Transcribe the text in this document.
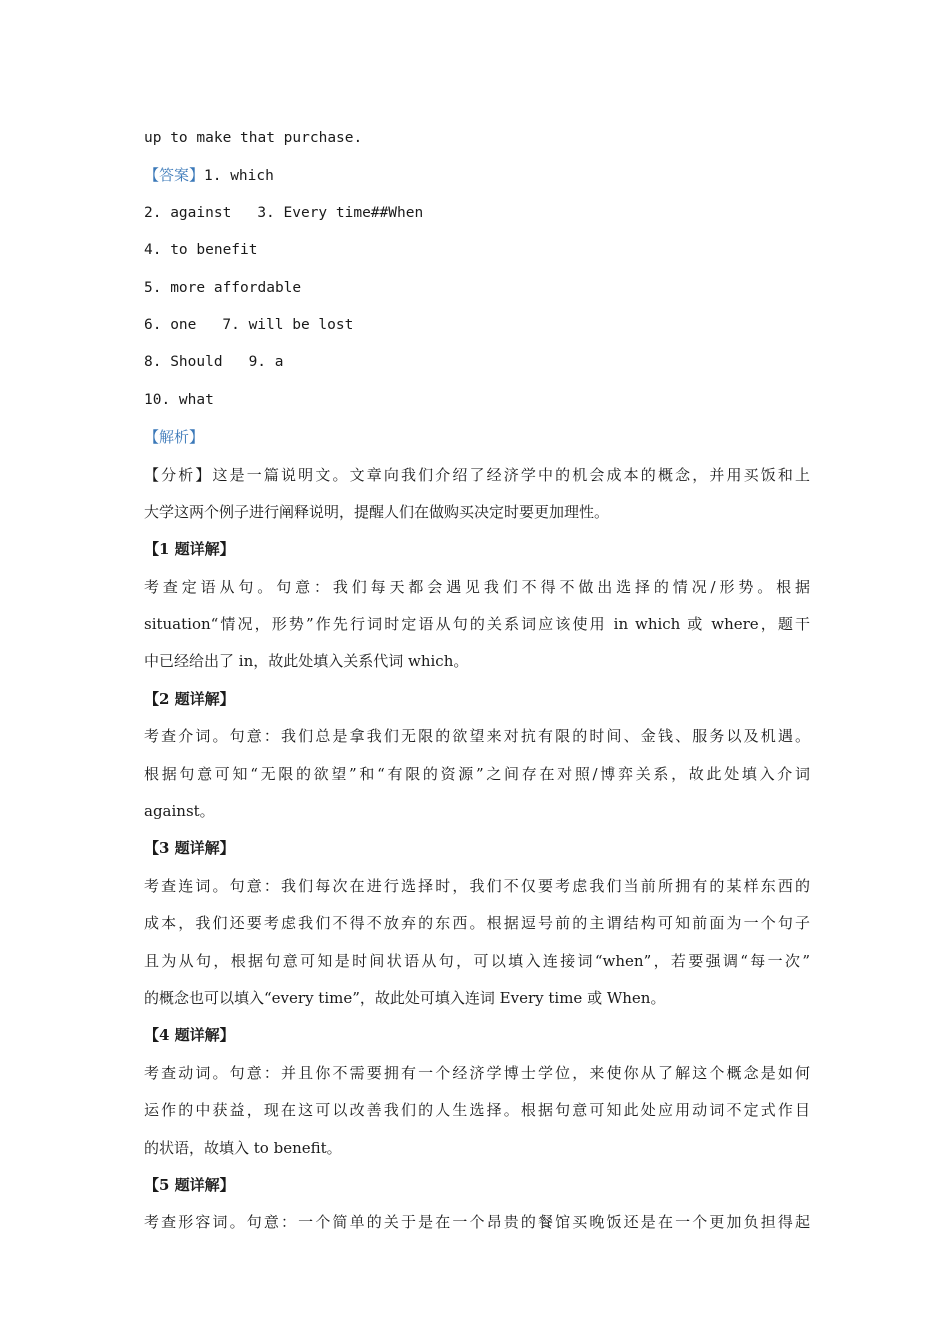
up to make that purchase.
【答案】1. which
2. against 3. Every time##When
4. to benefit
5. more affordable
6. one 7. will be lost
8. Should 9. a
10. what
【解析】
【分析】这是一篇说明文。文章向我们介绍了经济学中的机会成本的概念，并用买饭和上
大学这两个例子进行阐释说明，提醒人们在做购买决定时要更加理性。
【1 题详解】
考查定语从句。句意：我们每天都会遇见我们不得不做出选择的情况/形势。根据
situation“情况，形势”作先行词时定语从句的关系词应该使用 in which 或 where，题干
中已经给出了 in，故此处填入关系代词 which。
【2 题详解】
考查介词。句意：我们总是拿我们无限的欲望来对抗有限的时间、金钱、服务以及机遇。
根据句意可知“无限的欲望”和“有限的资源”之间存在对照/博弈关系，故此处填入介词
against。
【3 题详解】
考查连词。句意：我们每次在进行选择时，我们不仅要考虑我们当前所拥有的某样东西的
成本，我们还要考虑我们不得不放弃的东西。根据逗号前的主谓结构可知前面为一个句子
且为从句，根据句意可知是时间状语从句，可以填入连接词“when”，若要强调“每一次”
的概念也可以填入“every time”，故此处可填入连词 Every time 或 When。
【4 题详解】
考查动词。句意：并且你不需要拥有一个经济学博士学位，来使你从了解这个概念是如何
运作的中获益，现在这可以改善我们的人生选择。根据句意可知此处应用动词不定式作目
的状语，故填入 to benefit。
【5 题详解】
考查形容词。句意：一个简单的关于是在一个昂贵的餐馆买晚饭还是在一个更加负担得起
